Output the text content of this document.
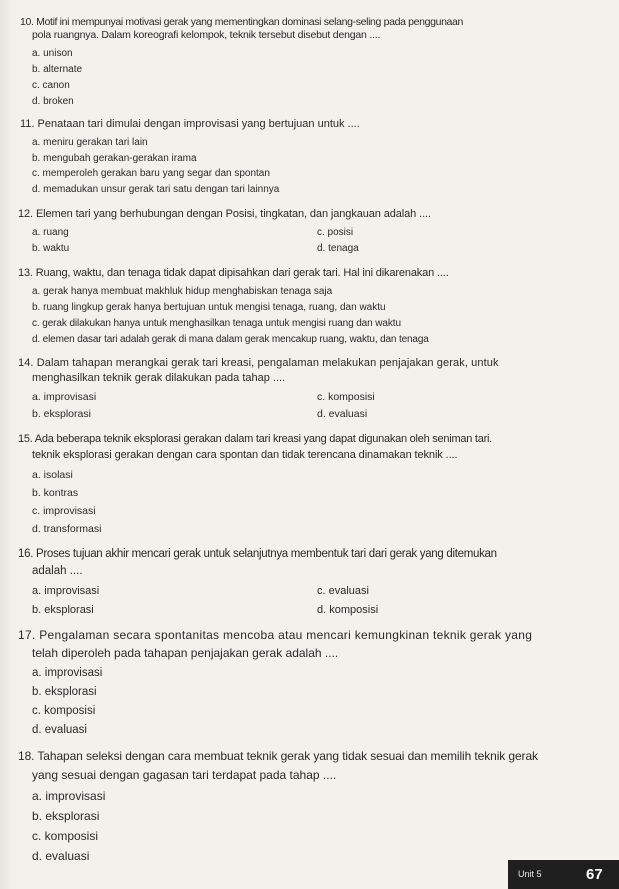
10. Motif ini mempunyai motivasi gerak yang mementingkan dominasi selang-seling pada penggunaan
pola ruangnya. Dalam koreografi kelompok, teknik tersebut disebut dengan ....
a. unison
b. alternate
c. canon
d. broken
11. Penataan tari dimulai dengan improvisasi yang bertujuan untuk ....
a. meniru gerakan tari lain
b. mengubah gerakan-gerakan irama
c. memperoleh gerakan baru yang segar dan spontan
d. memadukan unsur gerak tari satu dengan tari lainnya
12. Elemen tari yang berhubungan dengan Posisi, tingkatan, dan jangkauan adalah ....
a. ruang	c. posisi
b. waktu	d. tenaga
13. Ruang, waktu, dan tenaga tidak dapat dipisahkan dari gerak tari. Hal ini dikarenakan ....
a. gerak hanya membuat makhluk hidup menghabiskan tenaga saja
b. ruang lingkup gerak hanya bertujuan untuk mengisi tenaga, ruang, dan waktu
c. gerak dilakukan hanya untuk menghasilkan tenaga untuk mengisi ruang dan waktu
d. elemen dasar tari adalah gerak di mana dalam gerak mencakup ruang, waktu, dan tenaga
14. Dalam tahapan merangkai gerak tari kreasi, pengalaman melakukan penjajakan gerak, untuk
menghasilkan teknik gerak dilakukan pada tahap ....
a. improvisasi	c. komposisi
b. eksplorasi	d. evaluasi
15. Ada beberapa teknik eksplorasi gerakan dalam tari kreasi yang dapat digunakan oleh seniman tari.
teknik eksplorasi gerakan dengan cara spontan dan tidak terencana dinamakan teknik ....
a. isolasi
b. kontras
c. improvisasi
d. transformasi
16. Proses tujuan akhir mencari gerak untuk selanjutnya membentuk tari dari gerak yang ditemukan
adalah ....
a. improvisasi	c. evaluasi
b. eksplorasi	d. komposisi
17. Pengalaman secara spontanitas mencoba atau mencari kemungkinan teknik gerak yang
telah diperoleh pada tahapan penjajakan gerak adalah ....
a. improvisasi
b. eksplorasi
c. komposisi
d. evaluasi
18. Tahapan seleksi dengan cara membuat teknik gerak yang tidak sesuai dan memilih teknik gerak
yang sesuai dengan gagasan tari terdapat pada tahap ....
a. improvisasi
b. eksplorasi
c. komposisi
d. evaluasi
Unit 5	67
